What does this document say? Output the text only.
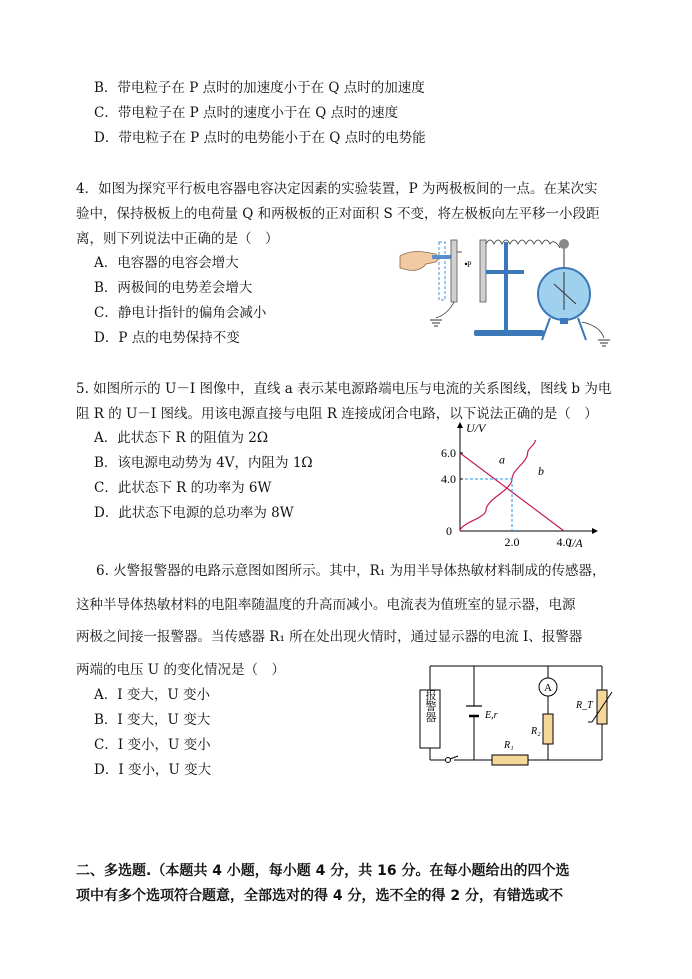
B．带电粒子在 P 点时的加速度小于在 Q 点时的加速度
C．带电粒子在 P 点时的速度小于在 Q 点时的速度
D．带电粒子在 P 点时的电势能小于在 Q 点时的电势能
4．如图为探究平行板电容器电容决定因素的实验装置，P 为两极板间的一点。在某次实
验中，保持极板上的电荷量 Q 和两极板的正对面积 S 不变，将左极板向左平移一小段距
离，则下列说法中正确的是（　）
A．电容器的电容会增大
B．两极间的电势差会增大
C．静电计指针的偏角会减小
D．P 点的电势保持不变
P
5. 如图所示的 U－I 图像中，直线 a 表示某电源路端电压与电流的关系图线，图线 b 为电
阻 R 的 U－I 图线。用该电源直接与电阻 R 连接成闭合电路，以下说法正确的是（　）
A．此状态下 R 的阻值为 2Ω
B．该电源电动势为 4V，内阻为 1Ω
C．此状态下 R 的功率为 6W
D．此状态下电源的总功率为 8W
a
b
6.0
4.0
2.0	4.0
0
U/V
I/A
6. 火警报警器的电路示意图如图所示。其中，R₁ 为用半导体热敏材料制成的传感器，
这种半导体热敏材料的电阻率随温度的升高而减小。电流表为值班室的显示器，电源
两极之间接一报警器。当传感器 R₁ 所在处出现火情时，通过显示器的电流 I、报警器
两端的电压 U 的变化情况是（　）
A．I 变大，U 变小
B．I 变大，U 变大
C．I 变小，U 变小
D．I 变小，U 变大
报警器	E,r
R₁
A
R₂
R_T
二、多选题.（本题共 4 小题，每小题 4 分，共 16 分。在每小题给出的四个选
项中有多个选项符合题意，全部选对的得 4 分，选不全的得 2 分，有错选或不
